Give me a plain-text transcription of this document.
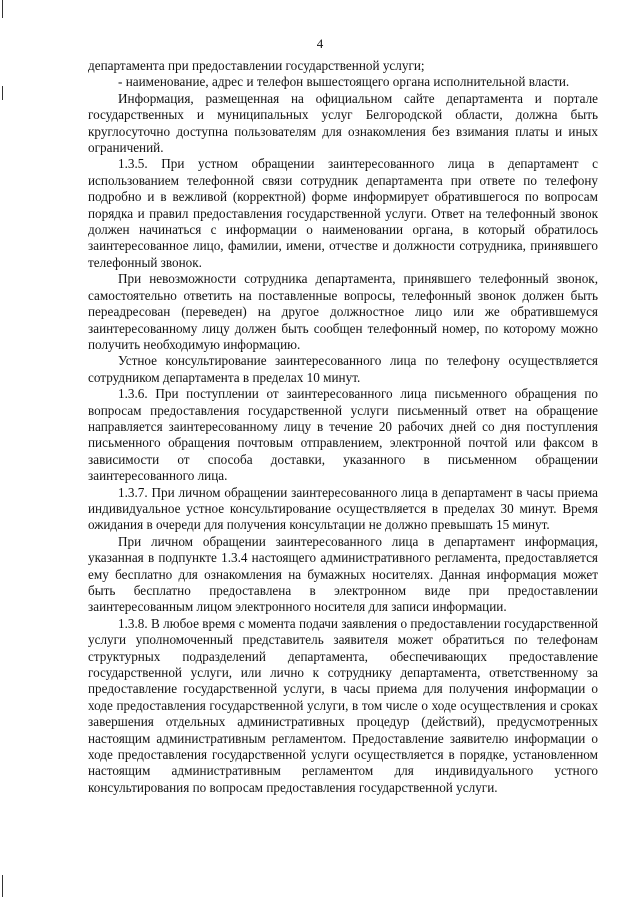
4

департамента при предоставлении государственной услуги;

- наименование, адрес и телефон вышестоящего органа исполнительной власти.

Информация, размещенная на официальном сайте департамента и портале государственных и муниципальных услуг Белгородской области, должна быть круглосуточно доступна пользователям для ознакомления без взимания платы и иных ограничений.

1.3.5. При устном обращении заинтересованного лица в департамент с использованием телефонной связи сотрудник департамента при ответе по телефону подробно и в вежливой (корректной) форме информирует обратившегося по вопросам порядка и правил предоставления государственной услуги. Ответ на телефонный звонок должен начинаться с информации о наименовании органа, в который обратилось заинтересованное лицо, фамилии, имени, отчестве и должности сотрудника, принявшего телефонный звонок.

При невозможности сотрудника департамента, принявшего телефонный звонок, самостоятельно ответить на поставленные вопросы, телефонный звонок должен быть переадресован (переведен) на другое должностное лицо или же обратившемуся заинтересованному лицу должен быть сообщен телефонный номер, по которому можно получить необходимую информацию.

Устное консультирование заинтересованного лица по телефону осуществляется сотрудником департамента в пределах 10 минут.

1.3.6. При поступлении от заинтересованного лица письменного обращения по вопросам предоставления государственной услуги письменный ответ на обращение направляется заинтересованному лицу в течение 20 рабочих дней со дня поступления письменного обращения почтовым отправлением, электронной почтой или факсом в зависимости от способа доставки, указанного в письменном обращении заинтересованного лица.

1.3.7. При личном обращении заинтересованного лица в департамент в часы приема индивидуальное устное консультирование осуществляется в пределах 30 минут. Время ожидания в очереди для получения консультации не должно превышать 15 минут.

При личном обращении заинтересованного лица в департамент информация, указанная в подпункте 1.3.4 настоящего административного регламента, предоставляется ему бесплатно для ознакомления на бумажных носителях. Данная информация может быть бесплатно предоставлена в электронном виде при предоставлении заинтересованным лицом электронного носителя для записи информации.

1.3.8. В любое время с момента подачи заявления о предоставлении государственной услуги уполномоченный представитель заявителя может обратиться по телефонам структурных подразделений департамента, обеспечивающих предоставление государственной услуги, или лично к сотруднику департамента, ответственному за предоставление государственной услуги, в часы приема для получения информации о ходе предоставления государственной услуги, в том числе о ходе осуществления и сроках завершения отдельных административных процедур (действий), предусмотренных настоящим административным регламентом. Предоставление заявителю информации о ходе предоставления государственной услуги осуществляется в порядке, установленном настоящим административным регламентом для индивидуального устного консультирования по вопросам предоставления государственной услуги.
